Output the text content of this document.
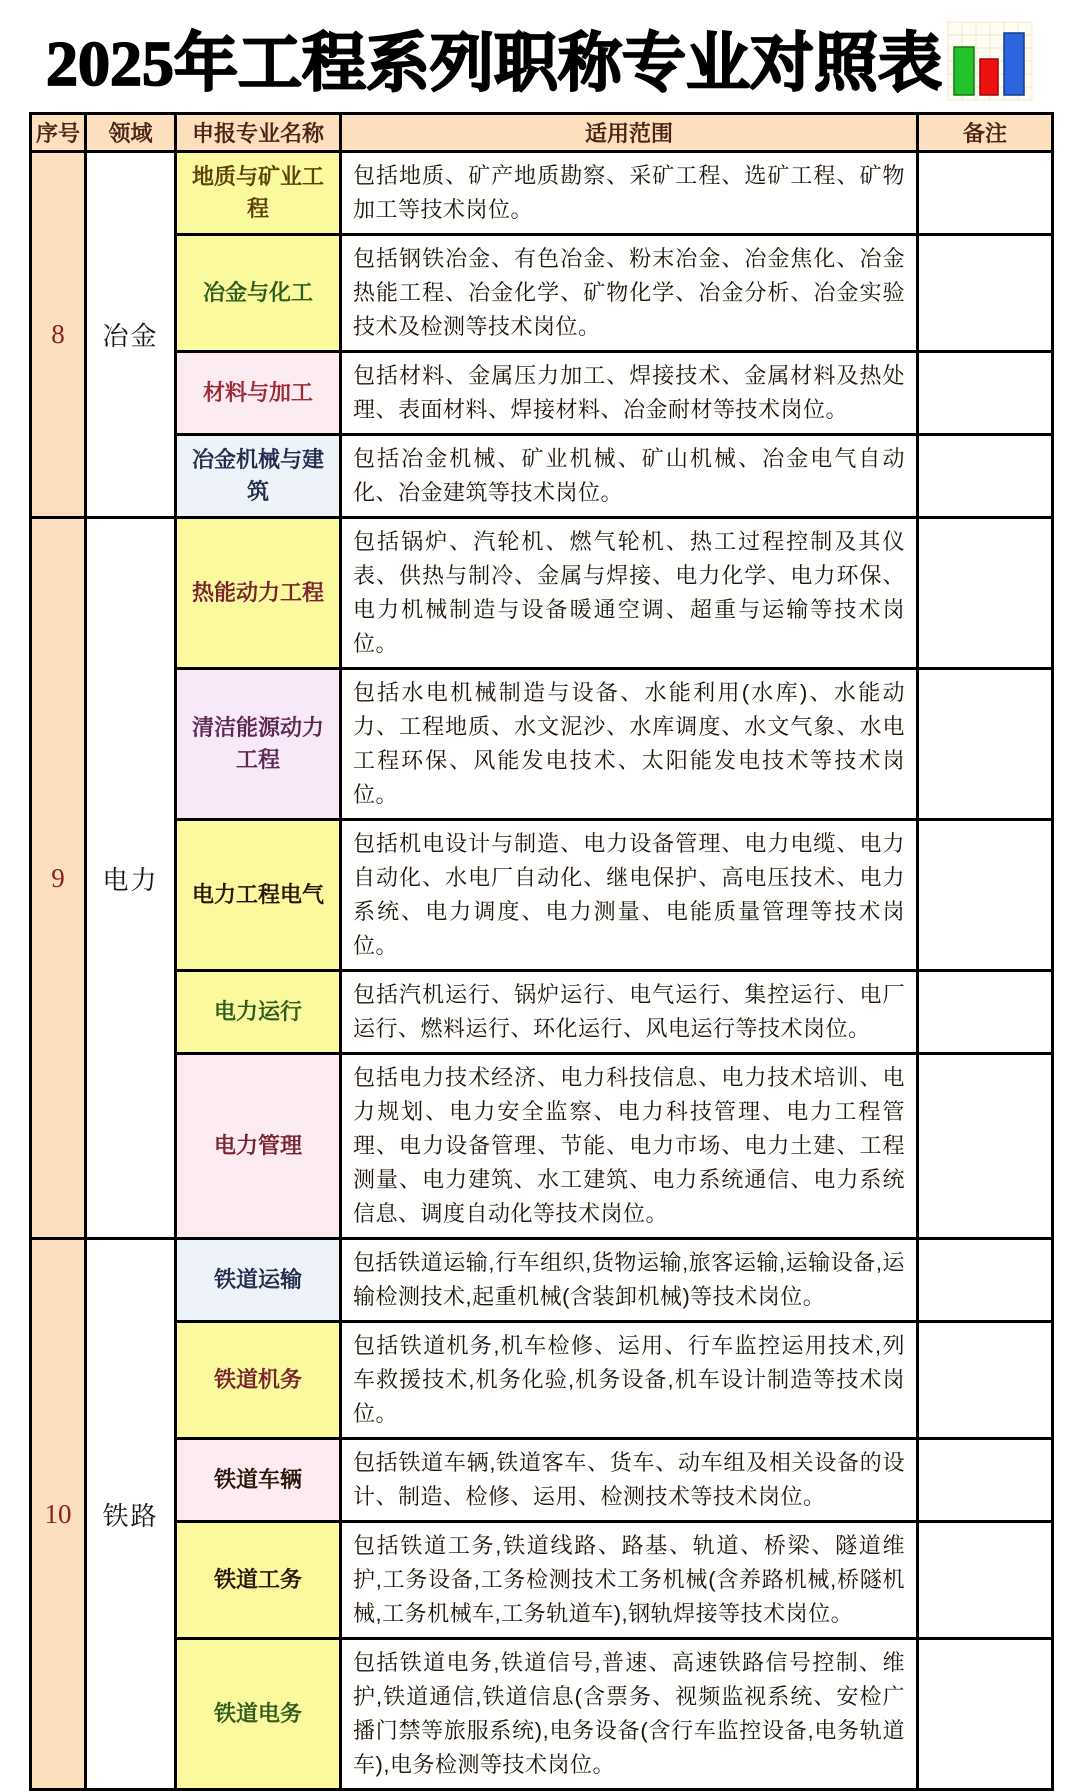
2025年工程系列职称专业对照表
序号	领域	申报专业名称	适用范围	备注
8	冶金	地质与矿业工程	包括地质、矿产地质勘察、采矿工程、选矿工程、矿物加工等技术岗位。	
		冶金与化工	包括钢铁冶金、有色冶金、粉末冶金、冶金焦化、冶金热能工程、冶金化学、矿物化学、冶金分析、冶金实验技术及检测等技术岗位。	
		材料与加工	包括材料、金属压力加工、焊接技术、金属材料及热处理、表面材料、焊接材料、冶金耐材等技术岗位。	
		冶金机械与建筑	包括冶金机械、矿业机械、矿山机械、冶金电气自动化、冶金建筑等技术岗位。	
9	电力	热能动力工程	包括锅炉、汽轮机、燃气轮机、热工过程控制及其仪表、供热与制冷、金属与焊接、电力化学、电力环保、电力机械制造与设备暖通空调、超重与运输等技术岗位。	
		清洁能源动力工程	包括水电机械制造与设备、水能利用(水库)、水能动力、工程地质、水文泥沙、水库调度、水文气象、水电工程环保、风能发电技术、太阳能发电技术等技术岗位。	
		电力工程电气	包括机电设计与制造、电力设备管理、电力电缆、电力自动化、水电厂自动化、继电保护、高电压技术、电力系统、电力调度、电力测量、电能质量管理等技术岗位。	
		电力运行	包括汽机运行、锅炉运行、电气运行、集控运行、电厂运行、燃料运行、环化运行、风电运行等技术岗位。	
		电力管理	包括电力技术经济、电力科技信息、电力技术培训、电力规划、电力安全监察、电力科技管理、电力工程管理、电力设备管理、节能、电力市场、电力土建、工程测量、电力建筑、水工建筑、电力系统通信、电力系统信息、调度自动化等技术岗位。	
10	铁路	铁道运输	包括铁道运输,行车组织,货物运输,旅客运输,运输设备,运输检测技术,起重机械(含装卸机械)等技术岗位。	
		铁道机务	包括铁道机务,机车检修、运用、行车监控运用技术,列车救援技术,机务化验,机务设备,机车设计制造等技术岗位。	
		铁道车辆	包括铁道车辆,铁道客车、货车、动车组及相关设备的设计、制造、检修、运用、检测技术等技术岗位。	
		铁道工务	包括铁道工务,铁道线路、路基、轨道、桥梁、隧道维护,工务设备,工务检测技术工务机械(含养路机械,桥隧机械,工务机械车,工务轨道车),钢轨焊接等技术岗位。	
		铁道电务	包括铁道电务,铁道信号,普速、高速铁路信号控制、维护,铁道通信,铁道信息(含票务、视频监视系统、安检广播门禁等旅服系统),电务设备(含行车监控设备,电务轨道车),电务检测等技术岗位。	
